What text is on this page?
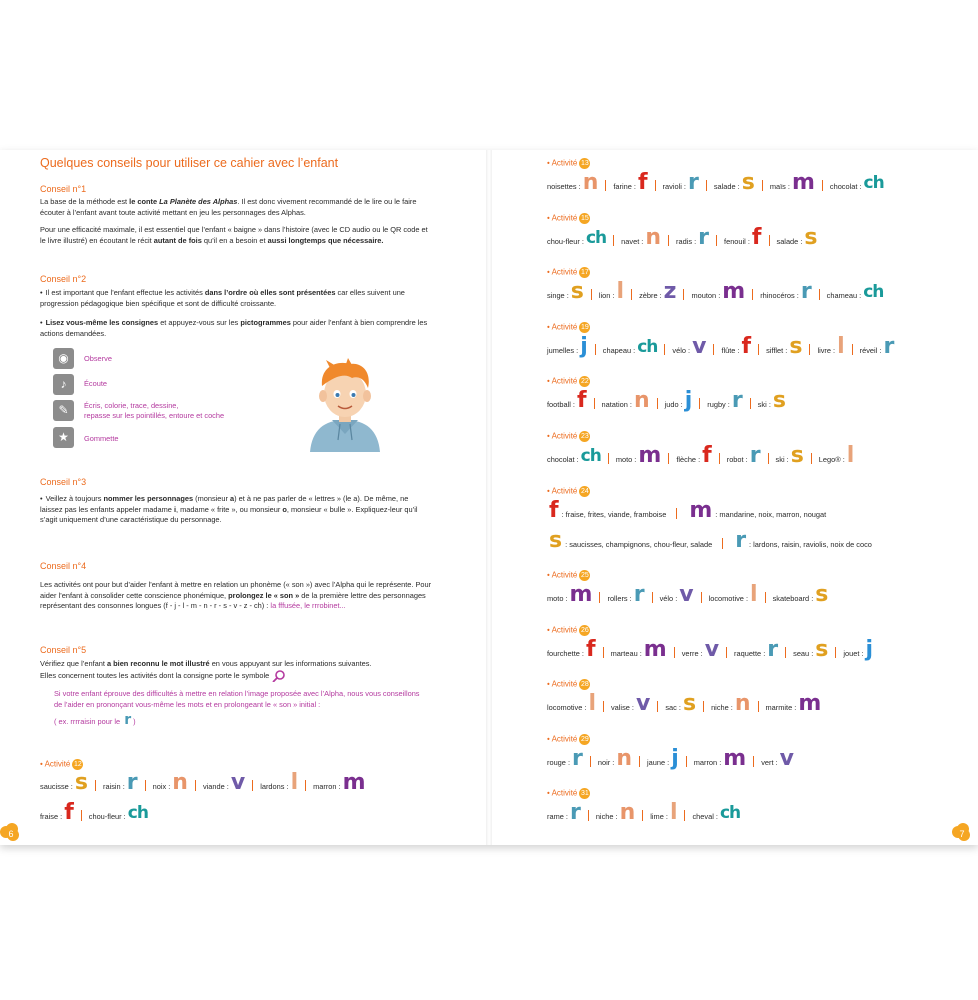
Quelques conseils pour utiliser ce cahier avec l’enfant
Conseil n°1
La base de la méthode est le conte La Planète des Alphas. Il est donc vivement recommandé de le lire ou le faire écouter à l’enfant avant toute activité mettant en jeu les personnages des Alphas.
Pour une efficacité maximale, il est essentiel que l’enfant « baigne » dans l’histoire (avec le CD audio ou le QR code et le livre illustré) en écoutant le récit autant de fois qu’il en a besoin et aussi longtemps que nécessaire.
Conseil n°2
• Il est important que l’enfant effectue les activités dans l’ordre où elles sont présentées car elles suivent une progression pédagogique bien spécifique et sont de difficulté croissante.
• Lisez vous-même les consignes et appuyez-vous sur les pictogrammes pour aider l’enfant à bien comprendre les actions demandées.
◉	Observe
♪	Écoute
✎	Écris, colorie, trace, dessine,
repasse sur les pointillés, entoure et coche
★	Gommette
Conseil n°3
• Veillez à toujours nommer les personnages (monsieur a) et à ne pas parler de « lettres » (le a). De même, ne laissez pas les enfants appeler madame i, madame « frite », ou monsieur o, monsieur « bulle ». Expliquez-leur qu’il s’agit uniquement d’une caractéristique du personnage.
Conseil n°4
Les activités ont pour but d’aider l’enfant à mettre en relation un phonème (« son ») avec l’Alpha qui le représente. Pour aider l’enfant à consolider cette conscience phonémique, prolongez le « son » de la première lettre des personnages représentant des consonnes longues (f - j - l - m - n - r - s - v - z - ch) : la fffusée, le rrrobinet...
Conseil n°5
Vérifiez que l’enfant a bien reconnu le mot illustré en vous appuyant sur les informations suivantes.
Elles concernent toutes les activités dont la consigne porte le symbole
Si votre enfant éprouve des difficultés à mettre en relation l’image proposée avec l’Alpha, nous vous conseillons de l’aider en prononçant vous-même les mots et en prolongeant le « son » initial :
( ex. rrrraisin pour le r )
• Activité 12
saucisse : s raisin : r noix : n viande : v lardons : l marron : m
fraise : f chou-fleur : ch
6	7
• Activité 13
noisettes : n farine : f ravioli : r salade : s maïs : m chocolat : ch
• Activité 15
chou-fleur : ch navet : n radis : r fenouil : f salade : s
• Activité 17
singe : s lion : l zèbre : z mouton : m rhinocéros : r chameau : ch
• Activité 19
jumelles : j chapeau : ch vélo : v flûte : f sifflet : s livre : l réveil : r
• Activité 22
football : f natation : n judo : j rugby : r ski : s
• Activité 23
chocolat : ch moto : m flèche : f robot : r ski : s Lego® : l
• Activité 24
f : fraise, frites, viande, framboise m : mandarine, noix, marron, nougat
s : saucisses, champignons, chou-fleur, salade r : lardons, raisin, raviolis, noix de coco
• Activité 25
moto : m rollers : r vélo : v locomotive : l skateboard : s
• Activité 26
fourchette : f marteau : m verre : v raquette : r seau : s jouet : j
• Activité 28
locomotive : l valise : v sac : s niche : n marmite : m
• Activité 29
rouge : r noir : n jaune : j marron : m vert : v
• Activité 31
rame : r niche : n lime : l cheval : ch
